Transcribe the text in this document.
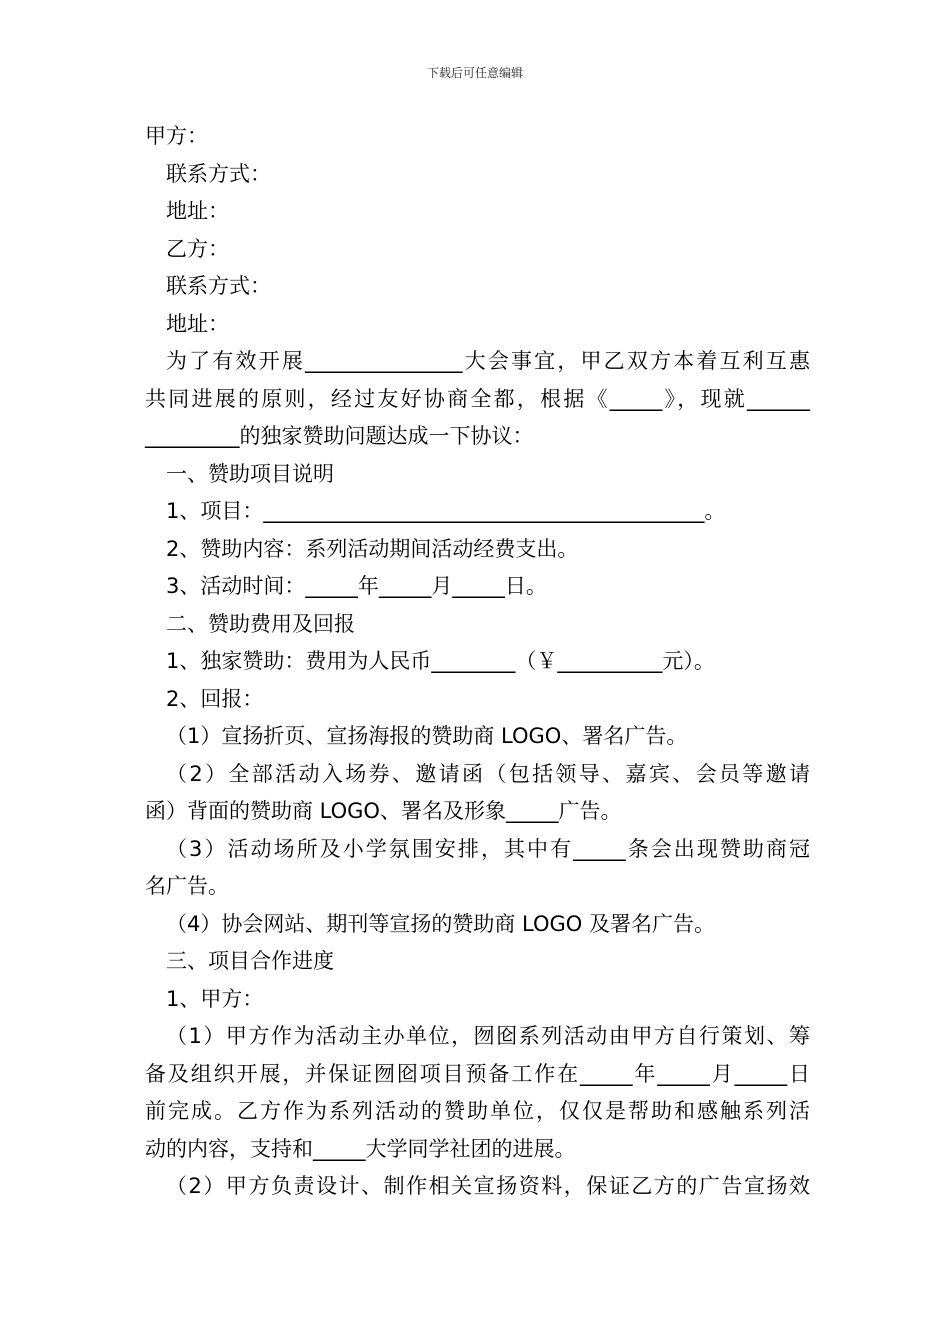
下载后可任意编辑
甲方：
联系方式：
地址：
乙方：
联系方式：
地址：
为了有效开展_______________大会事宜，甲乙双方本着互利互惠
共同进展的原则，经过友好协商全都，根据《_____》，现就______
_________的独家赞助问题达成一下协议：
一、赞助项目说明
1、项目：__________________________________________。
2、赞助内容：系列活动期间活动经费支出。
3、活动时间：_____年_____月_____日。
二、赞助费用及回报
1、独家赞助：费用为人民币________（￥__________元）。
2、回报：
（1）宣扬折页、宣扬海报的赞助商 LOGO、署名广告。
（2）全部活动入场券、邀请函（包括领导、嘉宾、会员等邀请
函）背面的赞助商 LOGO、署名及形象_____广告。
（3）活动场所及小学氛围安排，其中有_____条会出现赞助商冠
名广告。
（4）协会网站、期刊等宣扬的赞助商 LOGO 及署名广告。
三、项目合作进度
1、甲方：
（1）甲方作为活动主办单位，囫囵系列活动由甲方自行策划、筹
备及组织开展，并保证囫囵项目预备工作在_____年_____月_____日
前完成。乙方作为系列活动的赞助单位，仅仅是帮助和感触系列活
动的内容，支持和_____大学同学社团的进展。
（2）甲方负责设计、制作相关宣扬资料，保证乙方的广告宣扬效
